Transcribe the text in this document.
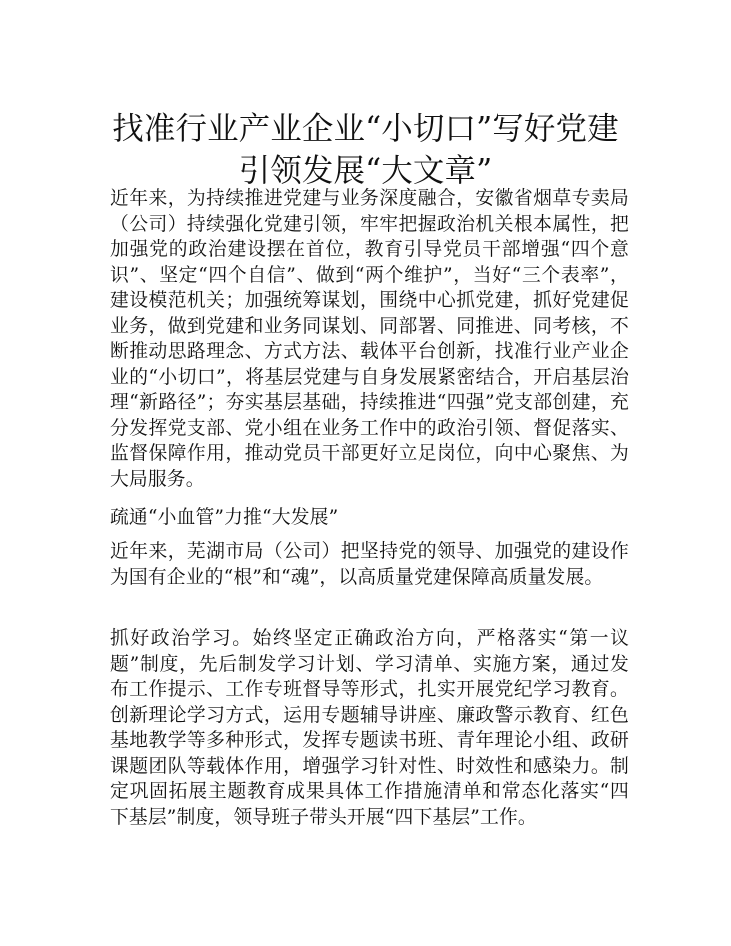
找准行业产业企业“小切口”写好党建引领发展“大文章”

近年来，为持续推进党建与业务深度融合，安徽省烟草专卖局（公司）持续强化党建引领，牢牢把握政治机关根本属性，把加强党的政治建设摆在首位，教育引导党员干部增强“四个意识”、坚定“四个自信”、做到“两个维护”，当好“三个表率”，建设模范机关；加强统筹谋划，围绕中心抓党建，抓好党建促业务，做到党建和业务同谋划、同部署、同推进、同考核，不断推动思路理念、方式方法、载体平台创新，找准行业产业企业的“小切口”，将基层党建与自身发展紧密结合，开启基层治理“新路径”；夯实基层基础，持续推进“四强”党支部创建，充分发挥党支部、党小组在业务工作中的政治引领、督促落实、监督保障作用，推动党员干部更好立足岗位，向中心聚焦、为大局服务。

疏通“小血管”力推“大发展”

近年来，芜湖市局（公司）把坚持党的领导、加强党的建设作为国有企业的“根”和“魂”，以高质量党建保障高质量发展。

抓好政治学习。始终坚定正确政治方向，严格落实“第一议题”制度，先后制发学习计划、学习清单、实施方案，通过发布工作提示、工作专班督导等形式，扎实开展党纪学习教育。创新理论学习方式，运用专题辅导讲座、廉政警示教育、红色基地教学等多种形式，发挥专题读书班、青年理论小组、政研课题团队等载体作用，增强学习针对性、时效性和感染力。制定巩固拓展主题教育成果具体工作措施清单和常态化落实“四下基层”制度，领导班子带头开展“四下基层”工作。
